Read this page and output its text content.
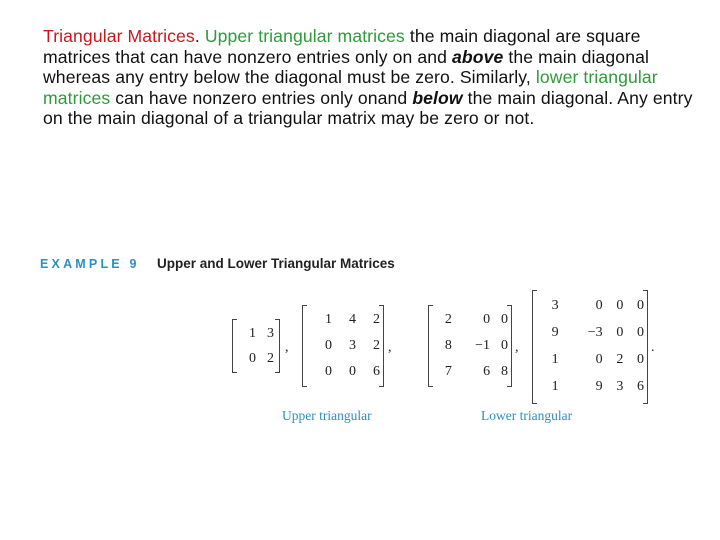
Triangular Matrices. Upper triangular matrices the main diagonal are square matrices that can have nonzero entries only on and above the main diagonal whereas any entry below the diagonal must be zero. Similarly, lower triangular matrices can have nonzero entries only onand below the main diagonal. Any entry on the main diagonal of a triangular matrix may be zero or not.
EXAMPLE 9 Upper and Lower Triangular Matrices
1	3
0	2
,
1	4	2
0	3	2
0	0	6
,
2	0	0
8	−1	0
7	6	8
,
3	0	0	0
9	−3	0	0
1	0	2	0
1	9	3	6
.
Upper triangular	Lower triangular
